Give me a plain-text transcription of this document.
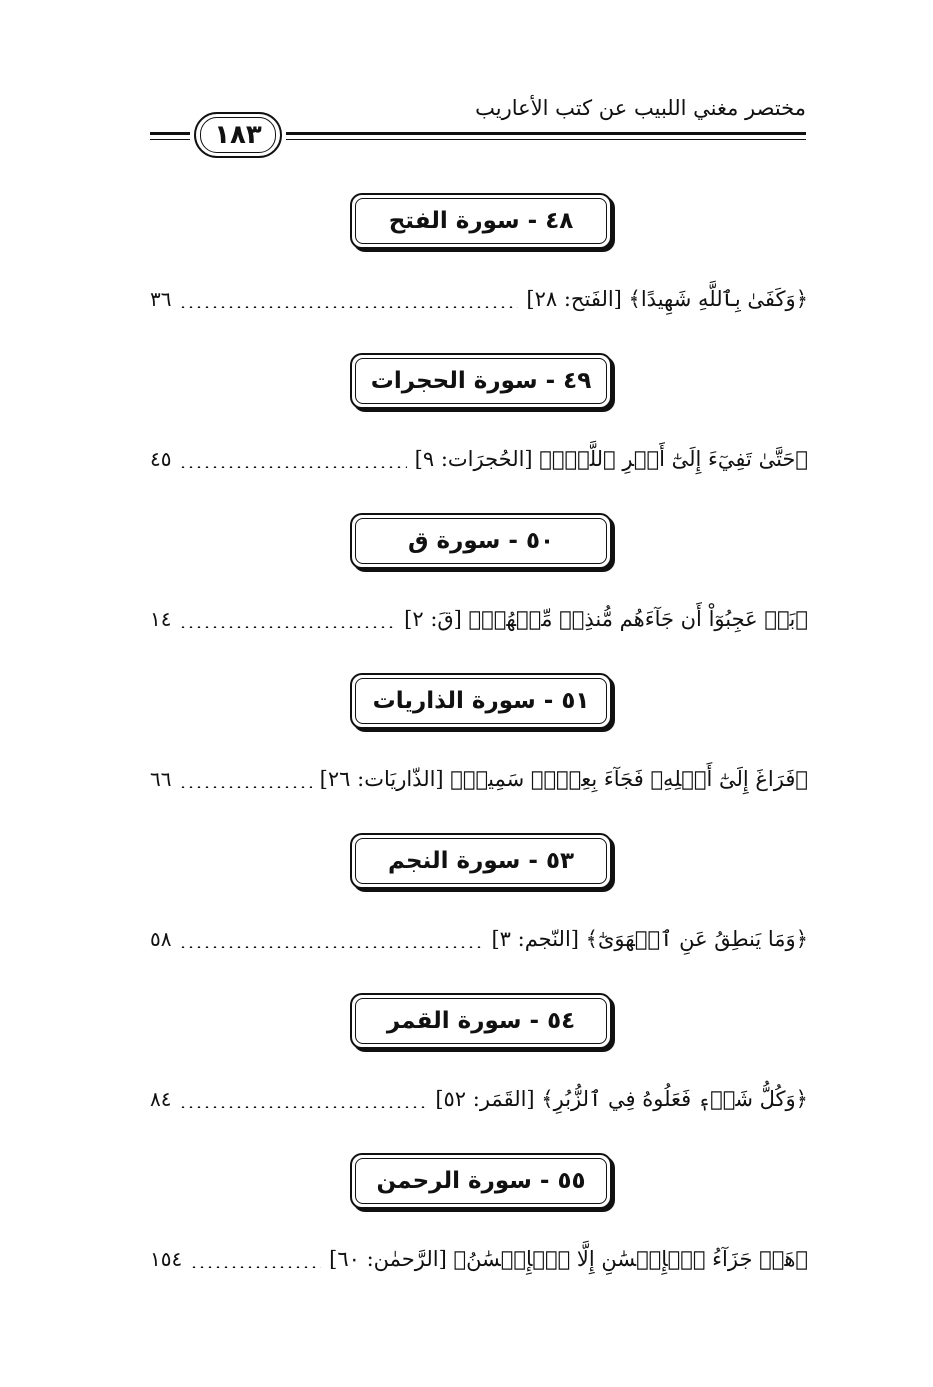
مختصر مغني اللبيب عن كتب الأعاريب
١٨٣
٤٨ - سورة الفتح
﴿وَكَفَىٰ بِٱللَّهِ شَهِيدًا﴾ [الفَتح: ٢٨]
٣٦
٤٩ - سورة الحجرات
﴿حَتَّىٰ تَفِيٓءَ إِلَىٰٓ أَمۡرِ ٱللَّهِۚ﴾ [الحُجرَات: ٩]
٤٥
٥٠ - سورة ق
﴿بَلۡ عَجِبُوٓاْ أَن جَآءَهُم مُّنذِرٞ مِّنۡهُمۡ﴾ [قَ: ٢]
١٤
٥١ - سورة الذاريات
﴿فَرَاغَ إِلَىٰٓ أَهۡلِهِۦ فَجَآءَ بِعِجۡلٖ سَمِينٖ﴾ [الذّاريَات: ٢٦]
٦٦
٥٣ - سورة النجم
﴿وَمَا يَنطِقُ عَنِ ٱلۡهَوَىٰٓ﴾ [النّجم: ٣]
٥٨
٥٤ - سورة القمر
﴿وَكُلُّ شَيۡءٖ فَعَلُوهُ فِي ٱلزُّبُرِ﴾ [القَمَر: ٥٢]
٨٤
٥٥ - سورة الرحمن
﴿هَلۡ جَزَآءُ ٱلۡإِحۡسَٰنِ إِلَّا ٱلۡإِحۡسَٰنُ﴾ [الرَّحمٰن: ٦٠]
١٥٤
